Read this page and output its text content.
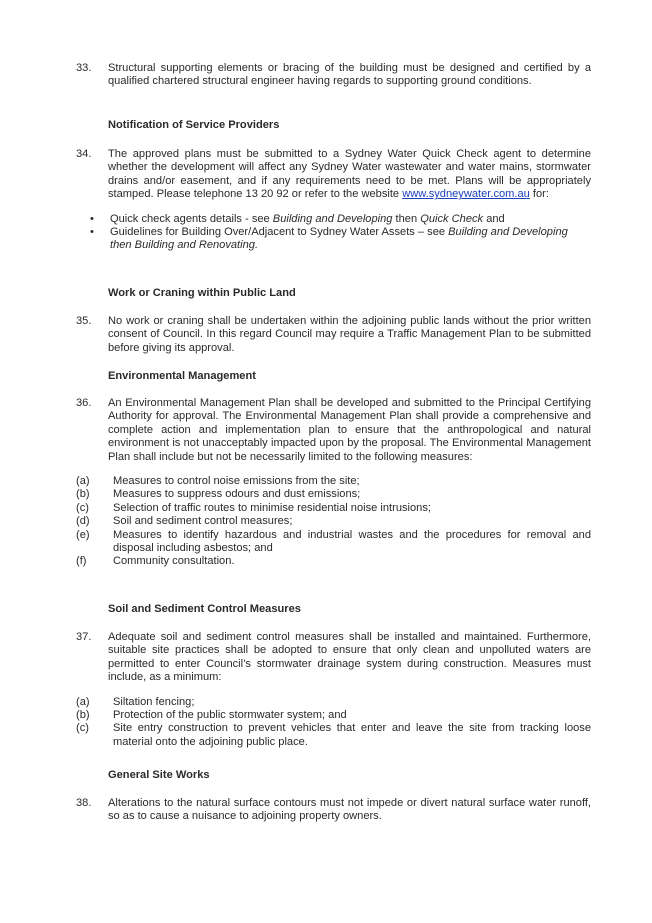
33. Structural supporting elements or bracing of the building must be designed and certified by a qualified chartered structural engineer having regards to supporting ground conditions.
Notification of Service Providers
34. The approved plans must be submitted to a Sydney Water Quick Check agent to determine whether the development will affect any Sydney Water wastewater and water mains, stormwater drains and/or easement, and if any requirements need to be met. Plans will be appropriately stamped. Please telephone 13 20 92 or refer to the website www.sydneywater.com.au for:
• Quick check agents details - see Building and Developing then Quick Check and
• Guidelines for Building Over/Adjacent to Sydney Water Assets – see Building and Developing then Building and Renovating.
Work or Craning within Public Land
35. No work or craning shall be undertaken within the adjoining public lands without the prior written consent of Council. In this regard Council may require a Traffic Management Plan to be submitted before giving its approval.
Environmental Management
36. An Environmental Management Plan shall be developed and submitted to the Principal Certifying Authority for approval. The Environmental Management Plan shall provide a comprehensive and complete action and implementation plan to ensure that the anthropological and natural environment is not unacceptably impacted upon by the proposal. The Environmental Management Plan shall include but not be necessarily limited to the following measures:
(a) Measures to control noise emissions from the site;
(b) Measures to suppress odours and dust emissions;
(c) Selection of traffic routes to minimise residential noise intrusions;
(d) Soil and sediment control measures;
(e) Measures to identify hazardous and industrial wastes and the procedures for removal and disposal including asbestos; and
(f) Community consultation.
Soil and Sediment Control Measures
37. Adequate soil and sediment control measures shall be installed and maintained. Furthermore, suitable site practices shall be adopted to ensure that only clean and unpolluted waters are permitted to enter Council’s stormwater drainage system during construction. Measures must include, as a minimum:
(a) Siltation fencing;
(b) Protection of the public stormwater system; and
(c) Site entry construction to prevent vehicles that enter and leave the site from tracking loose material onto the adjoining public place.
General Site Works
38. Alterations to the natural surface contours must not impede or divert natural surface water runoff, so as to cause a nuisance to adjoining property owners.
